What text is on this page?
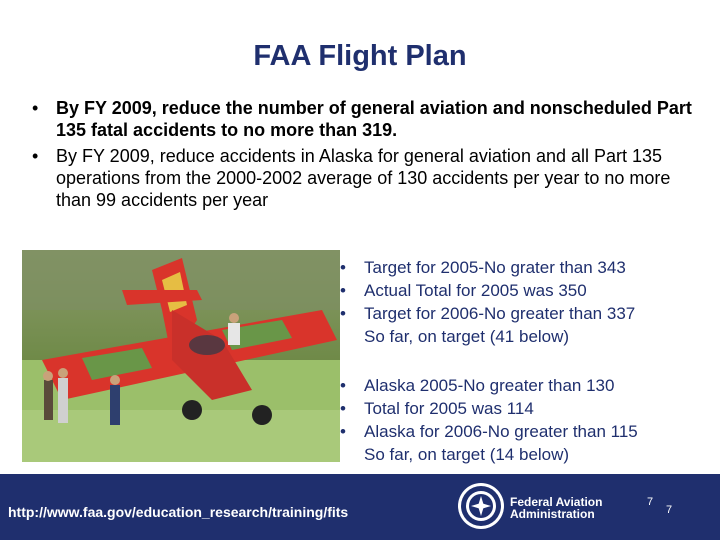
FAA Flight Plan
• By FY 2009, reduce the number of general aviation and nonscheduled Part 135 fatal accidents to no more than 319.
• By FY 2009, reduce accidents in Alaska for general aviation and all Part 135 operations from the 2000-2002 average of 130 accidents per year to no more than 99 accidents per year
• Target for 2005-No grater than 343
• Actual Total for 2005 was 350
• Target for 2006-No greater than 337
So far, on target (41 below)
• Alaska 2005-No greater than 130
• Total for 2005 was 114
• Alaska for 2006-No greater than 115
So far, on target (14 below)
http://www.faa.gov/education_research/training/fits
Federal Aviation
Administration
7
7
